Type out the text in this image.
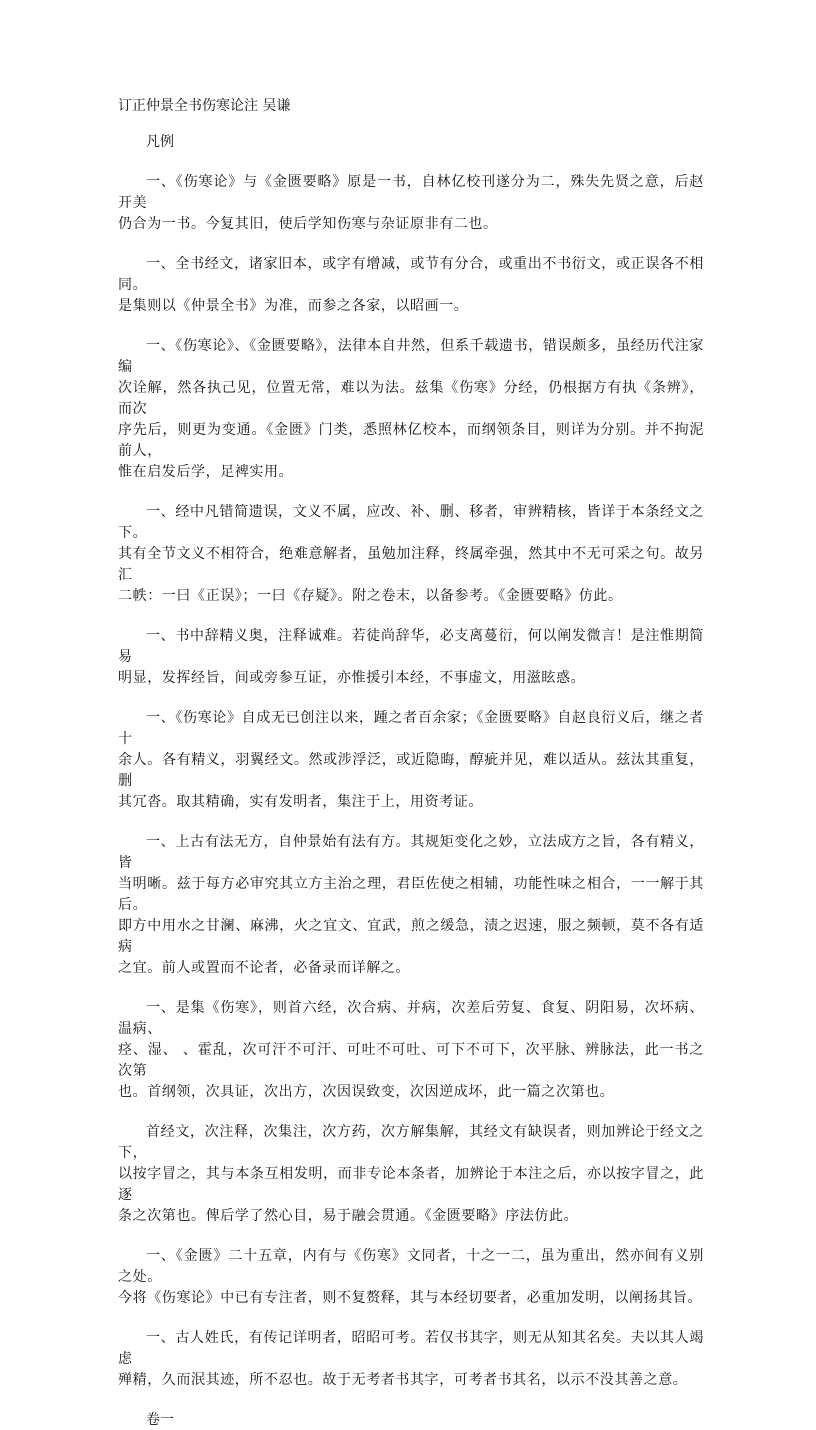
订正仲景全书伤寒论注 吴谦
凡例
一、《伤寒论》与《金匮要略》原是一书，自林亿校刊遂分为二，殊失先贤之意，后赵开美
仍合为一书。今复其旧，使后学知伤寒与杂证原非有二也。
一、全书经文，诸家旧本，或字有增减，或节有分合，或重出不书衍文，或正误各不相同。
是集则以《仲景全书》为准，而参之各家，以昭画一。
一、《伤寒论》、《金匮要略》，法律本自井然，但系千载遗书，错误颇多，虽经历代注家编
次诠解，然各执己见，位置无常，难以为法。兹集《伤寒》分经，仍根据方有执《条辨》，而次
序先后，则更为变通。《金匮》门类，悉照林亿校本，而纲领条目，则详为分别。并不拘泥前人，
惟在启发后学，足裨实用。
一、经中凡错简遗误，文义不属，应改、补、删、移者，审辨精核，皆详于本条经文之下。
其有全节文义不相符合，绝难意解者，虽勉加注释，终属牵强，然其中不无可采之句。故另汇
二帙：一曰《正误》；一曰《存疑》。附之卷末，以备参考。《金匮要略》仿此。
一、书中辞精义奥，注释诚难。若徒尚辞华，必支离蔓衍，何以阐发微言！是注惟期简易
明显，发挥经旨，间或旁参互证，亦惟援引本经，不事虚文，用滋眩惑。
一、《伤寒论》自成无已创注以来，踵之者百余家；《金匮要略》自赵良衍义后，继之者十
余人。各有精义，羽翼经文。然或涉浮泛，或近隐晦，醇疵并见，难以适从。兹汰其重复，删
其冗沓。取其精确，实有发明者，集注于上，用资考证。
一、上古有法无方，自仲景始有法有方。其规矩变化之妙，立法成方之旨，各有精义，皆
当明晰。兹于每方必审究其立方主治之理，君臣佐使之相辅，功能性味之相合，一一解于其后。
即方中用水之甘澜、麻沸，火之宜文、宜武，煎之缓急，渍之迟速，服之频顿，莫不各有适病
之宜。前人或置而不论者，必备录而详解之。
一、是集《伤寒》，则首六经，次合病、并病，次差后劳复、食复、阴阳易，次坏病、温病、
痉、湿、 、霍乱，次可汗不可汗、可吐不可吐、可下不可下，次平脉、辨脉法，此一书之次第
也。首纲领，次具证，次出方，次因误致变，次因逆成坏，此一篇之次第也。
首经文，次注释，次集注，次方药，次方解集解，其经文有缺误者，则加辨论于经文之下，
以按字冒之，其与本条互相发明，而非专论本条者，加辨论于本注之后，亦以按字冒之，此逐
条之次第也。俾后学了然心目，易于融会贯通。《金匮要略》序法仿此。
一、《金匮》二十五章，内有与《伤寒》文同者，十之一二，虽为重出，然亦间有义别之处。
今将《伤寒论》中已有专注者，则不复赘释，其与本经切要者，必重加发明，以阐扬其旨。
一、古人姓氏，有传记详明者，昭昭可考。若仅书其字，则无从知其名矣。夫以其人竭虑
殚精，久而泯其迹，所不忍也。故于无考者书其字，可考者书其名，以示不没其善之意。
卷一
